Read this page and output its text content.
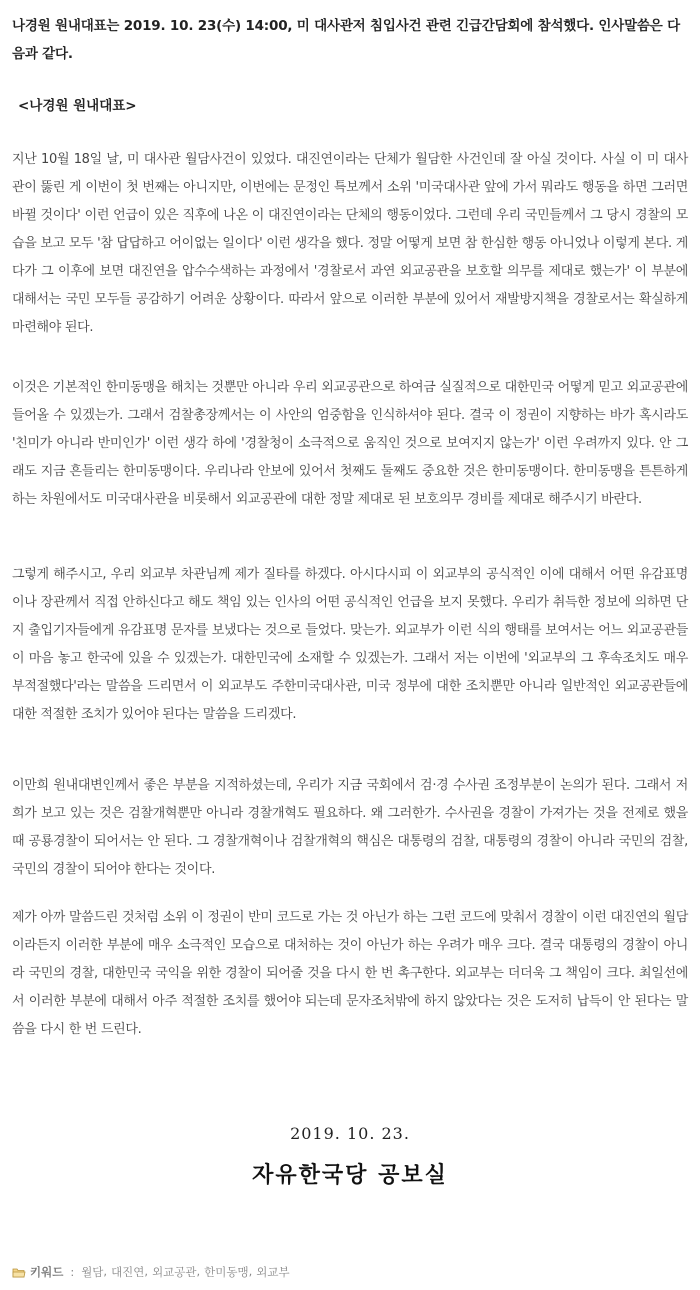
나경원 원내대표는 2019. 10. 23(수) 14:00, 미 대사관저 침입사건 관련 긴급간담회에 참석했다. 인사말씀은 다음과 같다.

<나경원 원내대표>

지난 10월 18일 날, 미 대사관 월담사건이 있었다. 대진연이라는 단체가 월담한 사건인데 잘 아실 것이다. 사실 이 미 대사관이 뚫린 게 이번이 첫 번째는 아니지만, 이번에는 문정인 특보께서 소위 '미국대사관 앞에 가서 뭐라도 행동을 하면 그러면 바뀔 것이다' 이런 언급이 있은 직후에 나온 이 대진연이라는 단체의 행동이었다. 그런데 우리 국민들께서 그 당시 경찰의 모습을 보고 모두 '참 답답하고 어이없는 일이다' 이런 생각을 했다. 정말 어떻게 보면 참 한심한 행동 아니었나 이렇게 본다. 게다가 그 이후에 보면 대진연을 압수수색하는 과정에서 '경찰로서 과연 외교공관을 보호할 의무를 제대로 했는가' 이 부분에 대해서는 국민 모두들 공감하기 어려운 상황이다. 따라서 앞으로 이러한 부분에 있어서 재발방지책을 경찰로서는 확실하게 마련해야 된다.

이것은 기본적인 한미동맹을 해치는 것뿐만 아니라 우리 외교공관으로 하여금 실질적으로 대한민국 어떻게 믿고 외교공관에 들어올 수 있겠는가. 그래서 검찰총장께서는 이 사안의 엄중함을 인식하셔야 된다. 결국 이 정권이 지향하는 바가 혹시라도 '친미가 아니라 반미인가' 이런 생각 하에 '경찰청이 소극적으로 움직인 것으로 보여지지 않는가' 이런 우려까지 있다. 안 그래도 지금 흔들리는 한미동맹이다. 우리나라 안보에 있어서 첫째도 둘째도 중요한 것은 한미동맹이다. 한미동맹을 튼튼하게 하는 차원에서도 미국대사관을 비롯해서 외교공관에 대한 정말 제대로 된 보호의무 경비를 제대로 해주시기 바란다.

그렇게 해주시고, 우리 외교부 차관님께 제가 질타를 하겠다. 아시다시피 이 외교부의 공식적인 이에 대해서 어떤 유감표명이나 장관께서 직접 안하신다고 해도 책임 있는 인사의 어떤 공식적인 언급을 보지 못했다. 우리가 취득한 정보에 의하면 단지 출입기자들에게 유감표명 문자를 보냈다는 것으로 들었다. 맞는가. 외교부가 이런 식의 행태를 보여서는 어느 외교공관들이 마음 놓고 한국에 있을 수 있겠는가. 대한민국에 소재할 수 있겠는가. 그래서 저는 이번에 '외교부의 그 후속조치도 매우 부적절했다'라는 말씀을 드리면서 이 외교부도 주한미국대사관, 미국 정부에 대한 조치뿐만 아니라 일반적인 외교공관들에 대한 적절한 조치가 있어야 된다는 말씀을 드리겠다.

이만희 원내대변인께서 좋은 부분을 지적하셨는데, 우리가 지금 국회에서 검·경 수사권 조정부분이 논의가 된다. 그래서 저희가 보고 있는 것은 검찰개혁뿐만 아니라 경찰개혁도 필요하다. 왜 그러한가. 수사권을 경찰이 가져가는 것을 전제로 했을 때 공룡경찰이 되어서는 안 된다. 그 경찰개혁이나 검찰개혁의 핵심은 대통령의 검찰, 대통령의 경찰이 아니라 국민의 검찰, 국민의 경찰이 되어야 한다는 것이다.

제가 아까 말씀드린 것처럼 소위 이 정권이 반미 코드로 가는 것 아닌가 하는 그런 코드에 맞춰서 경찰이 이런 대진연의 월담이라든지 이러한 부분에 매우 소극적인 모습으로 대처하는 것이 아닌가 하는 우려가 매우 크다. 결국 대통령의 경찰이 아니라 국민의 경찰, 대한민국 국익을 위한 경찰이 되어줄 것을 다시 한 번 촉구한다. 외교부는 더더욱 그 책임이 크다. 최일선에서 이러한 부분에 대해서 아주 적절한 조치를 했어야 되는데 문자조처밖에 하지 않았다는 것은 도저히 납득이 안 된다는 말씀을 다시 한 번 드린다.

2019. 10. 23.

자유한국당 공보실

키워드 : 월담 , 대진연 , 외교공관 , 한미동맹 , 외교부
